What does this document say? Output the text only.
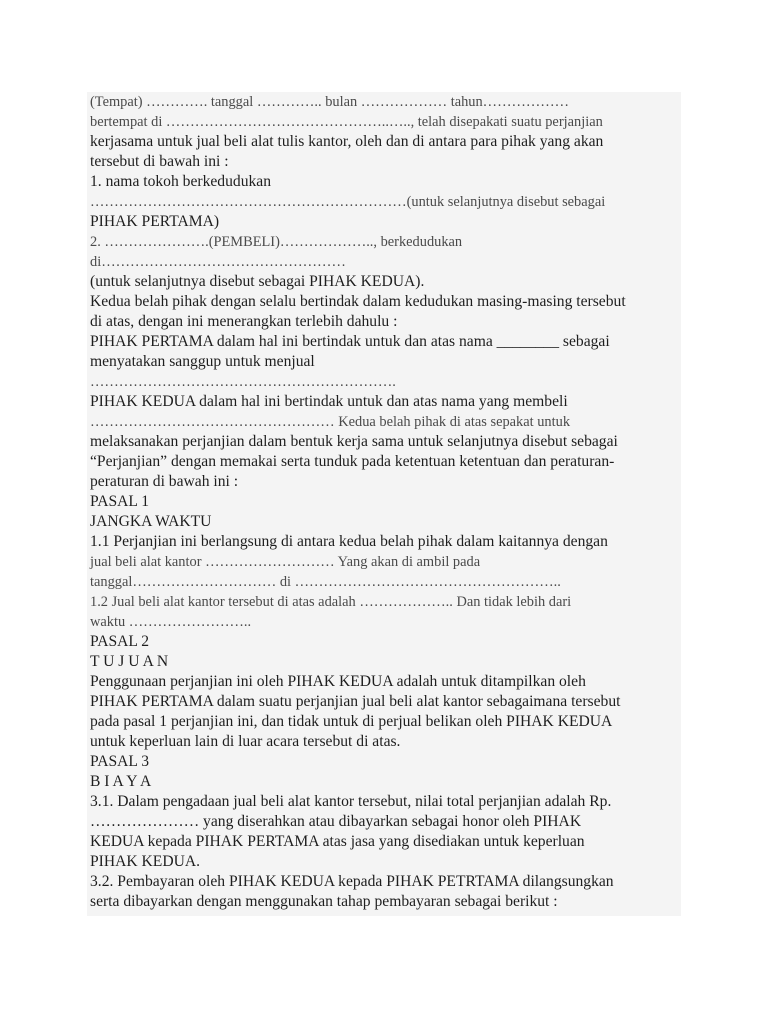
(Tempat) …………. tanggal ………….. bulan ……………… tahun………………
bertempat di ………………………………………..….., telah disepakati suatu perjanjian
kerjasama untuk jual beli alat tulis kantor, oleh dan di antara para pihak yang akan
tersebut di bawah ini :
1. nama tokoh berkedudukan
…………………………………………………………(untuk selanjutnya disebut sebagai
PIHAK PERTAMA)
2. ………………….(PEMBELI)……………….., berkedudukan
di……………………………………………
(untuk selanjutnya disebut sebagai PIHAK KEDUA).
Kedua belah pihak dengan selalu bertindak dalam kedudukan masing-masing tersebut
di atas, dengan ini menerangkan terlebih dahulu :
PIHAK PERTAMA dalam hal ini bertindak untuk dan atas nama ________ sebagai
menyatakan sanggup untuk menjual
……………………………………………………….
PIHAK KEDUA dalam hal ini bertindak untuk dan atas nama yang membeli
…………………………………………… Kedua belah pihak di atas sepakat untuk
melaksanakan perjanjian dalam bentuk kerja sama untuk selanjutnya disebut sebagai
“Perjanjian” dengan memakai serta tunduk pada ketentuan ketentuan dan peraturan-
peraturan di bawah ini :
PASAL 1
JANGKA WAKTU
1.1 Perjanjian ini berlangsung di antara kedua belah pihak dalam kaitannya dengan
jual beli alat kantor ……………………… Yang akan di ambil pada
tanggal………………………… di ………………………………………………..
1.2 Jual beli alat kantor tersebut di atas adalah ……………….. Dan tidak lebih dari
waktu ……………………..
PASAL 2
T U J U A N
Penggunaan perjanjian ini oleh PIHAK KEDUA adalah untuk ditampilkan oleh
PIHAK PERTAMA dalam suatu perjanjian jual beli alat kantor sebagaimana tersebut
pada pasal 1 perjanjian ini, dan tidak untuk di perjual belikan oleh PIHAK KEDUA
untuk keperluan lain di luar acara tersebut di atas.
PASAL 3
B I A Y A
3.1. Dalam pengadaan jual beli alat kantor tersebut, nilai total perjanjian adalah Rp.
………………… yang diserahkan atau dibayarkan sebagai honor oleh PIHAK
KEDUA kepada PIHAK PERTAMA atas jasa yang disediakan untuk keperluan
PIHAK KEDUA.
3.2. Pembayaran oleh PIHAK KEDUA kepada PIHAK PETRTAMA dilangsungkan
serta dibayarkan dengan menggunakan tahap pembayaran sebagai berikut :
